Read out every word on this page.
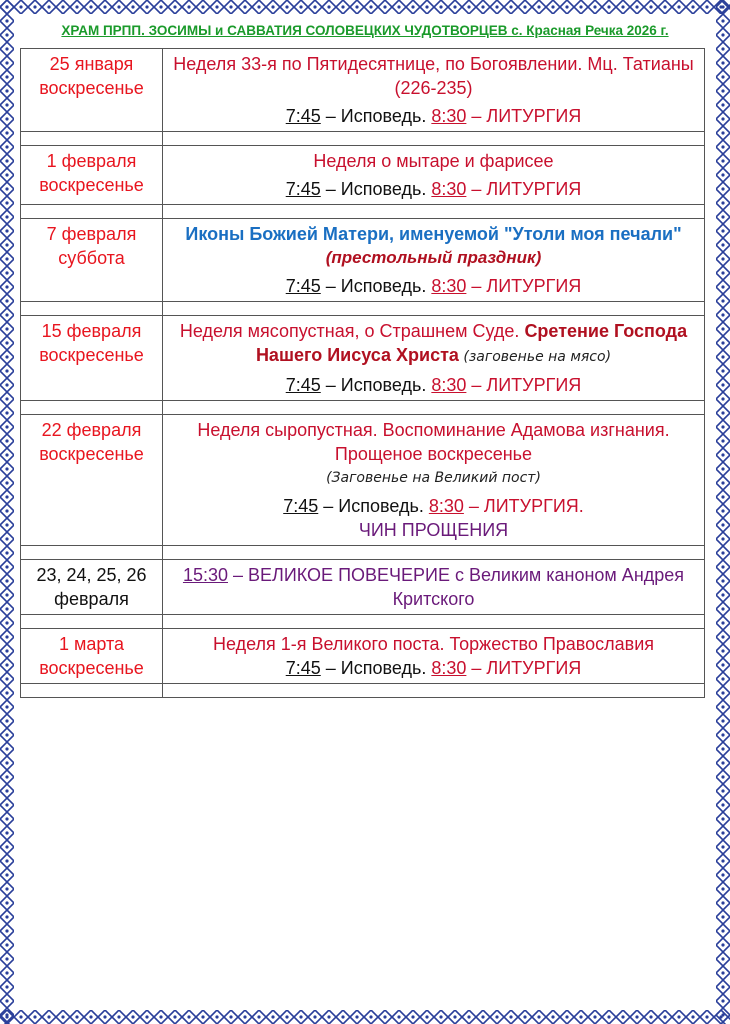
ХРАМ ПРПП. ЗОСИМЫ и САВВАТИЯ СОЛОВЕЦКИХ ЧУДОТВОРЦЕВ с. Красная Речка 2026 г.
25 января
воскресенье	Неделя 33-я по Пятидесятнице, по Богоявлении. Мц. Татианы (226-235)
7:45 – Исповедь. 8:30 – ЛИТУРГИЯ

1 февраля
воскресенье	Неделя о мытаре и фарисее
7:45 – Исповедь. 8:30 – ЛИТУРГИЯ

7 февраля
суббота	Иконы Божией Матери, именуемой "Утоли моя печали"
(престольный праздник)
7:45 – Исповедь. 8:30 – ЛИТУРГИЯ

15 февраля
воскресенье	Неделя мясопустная, о Страшнем Суде. Сретение Господа Нашего Иисуса Христа (заговенье на мясо)
7:45 – Исповедь. 8:30 – ЛИТУРГИЯ

22 февраля
воскресенье	Неделя сыропустная. Воспоминание Адамова изгнания. Прощеное воскресенье
(Заговенье на Великий пост)
7:45 – Исповедь. 8:30 – ЛИТУРГИЯ.
ЧИН ПРОЩЕНИЯ

23, 24, 25, 26
февраля	15:30 – ВЕЛИКОЕ ПОВЕЧЕРИЕ с Великим каноном Андрея Критского

1 марта
воскресенье	Неделя 1-я Великого поста. Торжество Православия
7:45 – Исповедь. 8:30 – ЛИТУРГИЯ
